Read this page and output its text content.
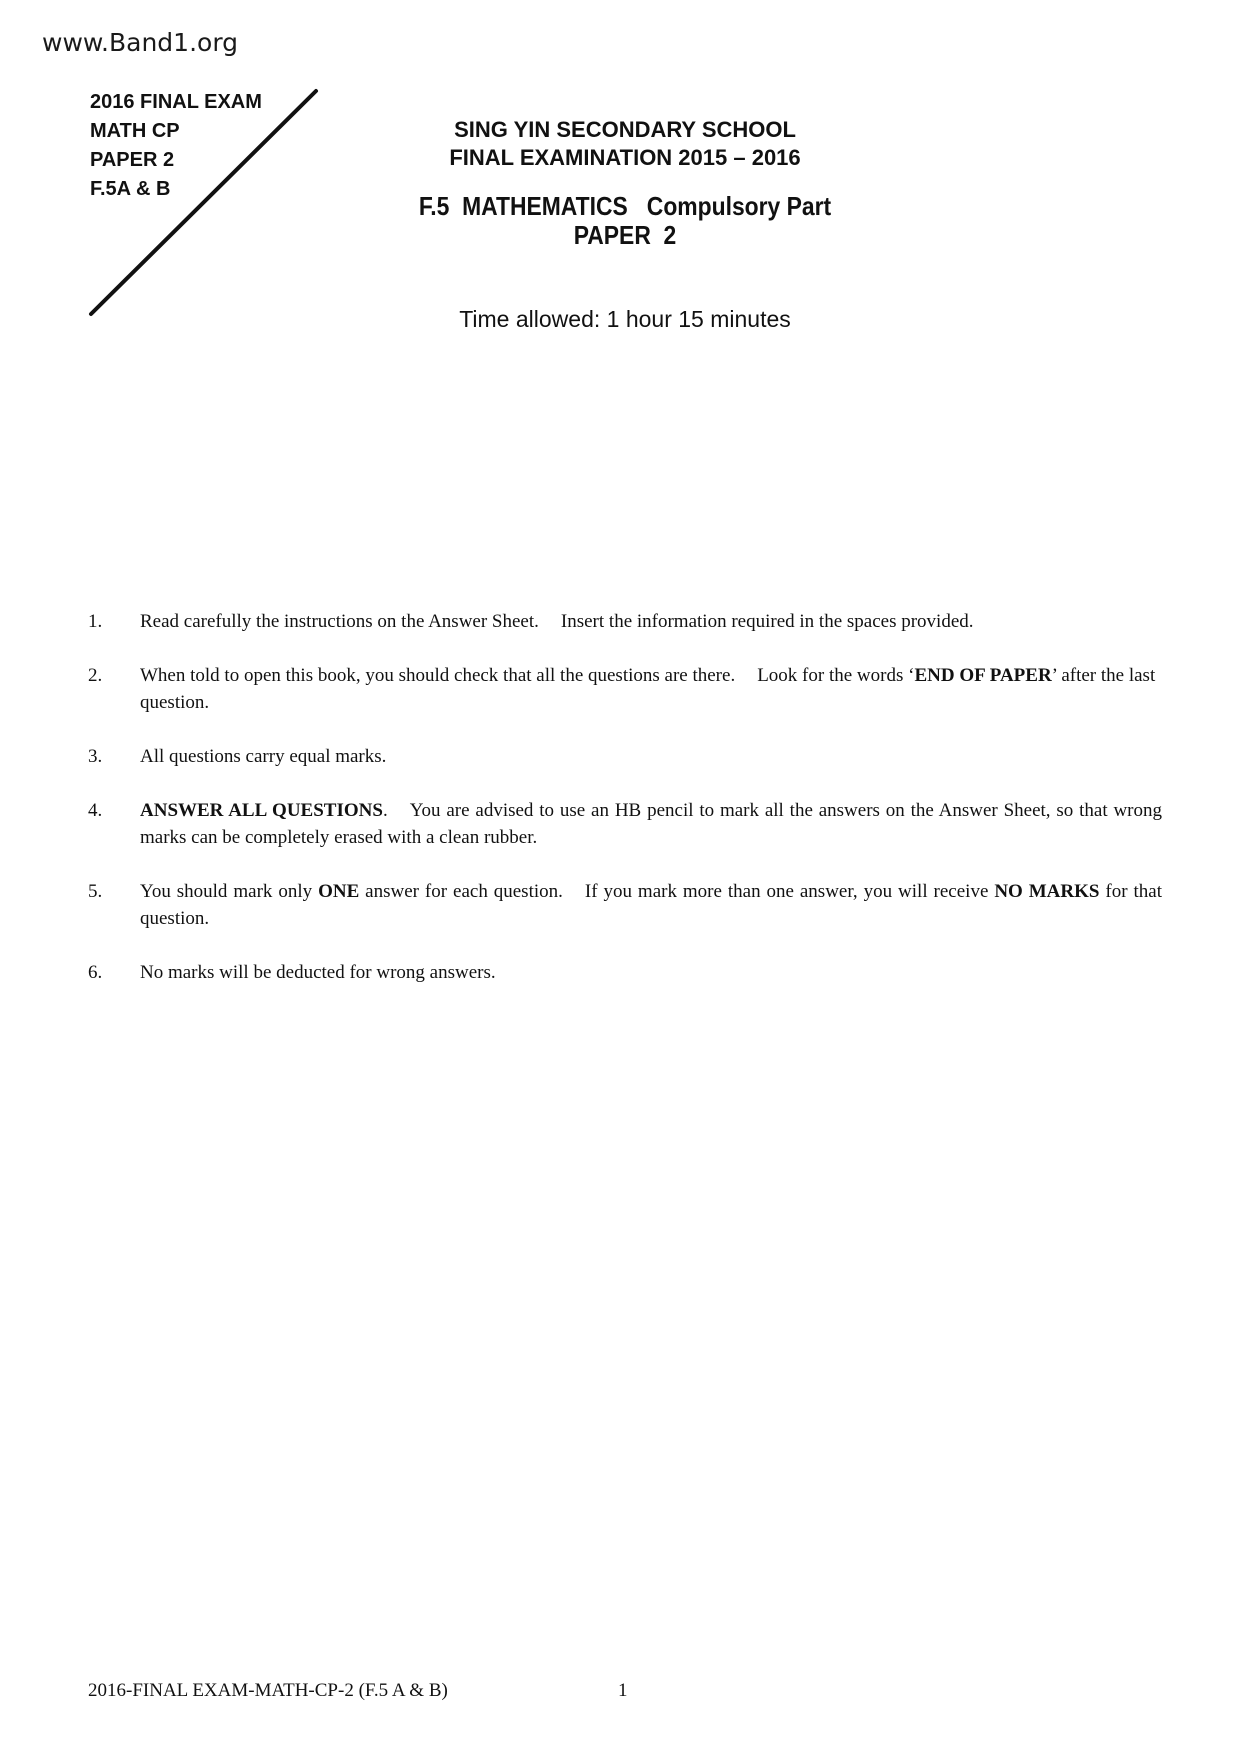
www.Band1.org
2016 FINAL EXAM
MATH CP
PAPER 2
F.5A & B
SING YIN SECONDARY SCHOOL
FINAL EXAMINATION 2015 – 2016
F.5  MATHEMATICS   Compulsory Part
PAPER  2
Time allowed: 1 hour 15 minutes
1.	Read carefully the instructions on the Answer Sheet. Insert the information required in the spaces provided.
2.	When told to open this book, you should check that all the questions are there. Look for the words ‘END OF PAPER’ after the last question.
3.	All questions carry equal marks.
4.	ANSWER ALL QUESTIONS. You are advised to use an HB pencil to mark all the answers on the Answer Sheet, so that wrong marks can be completely erased with a clean rubber.
5.	You should mark only ONE answer for each question. If you mark more than one answer, you will receive NO MARKS for that question.
6.	No marks will be deducted for wrong answers.
2016-FINAL EXAM-MATH-CP-2 (F.5 A & B)	1
